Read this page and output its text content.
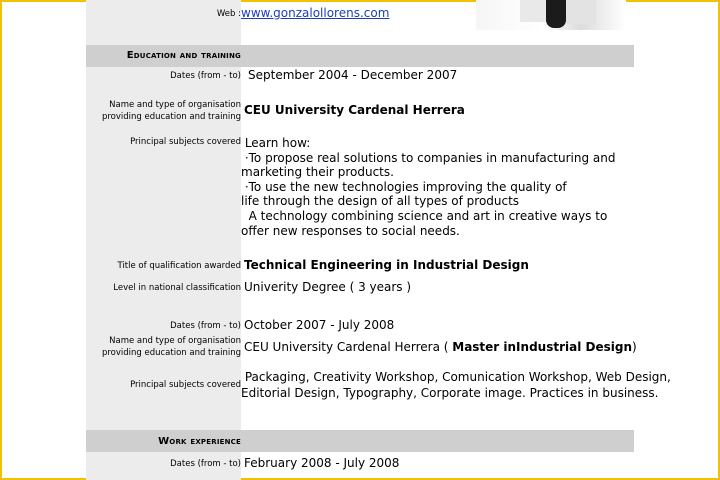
Web : www.gonzalollorens.com
Education and training
Dates (from - to) September 2004 - December 2007
Name and type of organisation
providing education and training CEU University Cardenal Herrera
Principal subjects covered Learn how:
·To propose real solutions to companies in manufacturing and
marketing their products.
·To use the new technologies improving the quality of
life through the design of all types of products
A technology combining science and art in creative ways to
offer new responses to social needs.
Title of qualification awarded Technical Engineering in Industrial Design
Level in national classification Univerity Degree ( 3 years )
Dates (from - to) October 2007 - July 2008
Name and type of organisation
providing education and training CEU University Cardenal Herrera ( Master inIndustrial Design)
Principal subjects covered
Packaging, Creativity Workshop, Comunication Workshop, Web Design,
Editorial Design, Typography, Corporate image. Practices in business.
Work experience
Dates (from - to) February 2008 - July 2008
